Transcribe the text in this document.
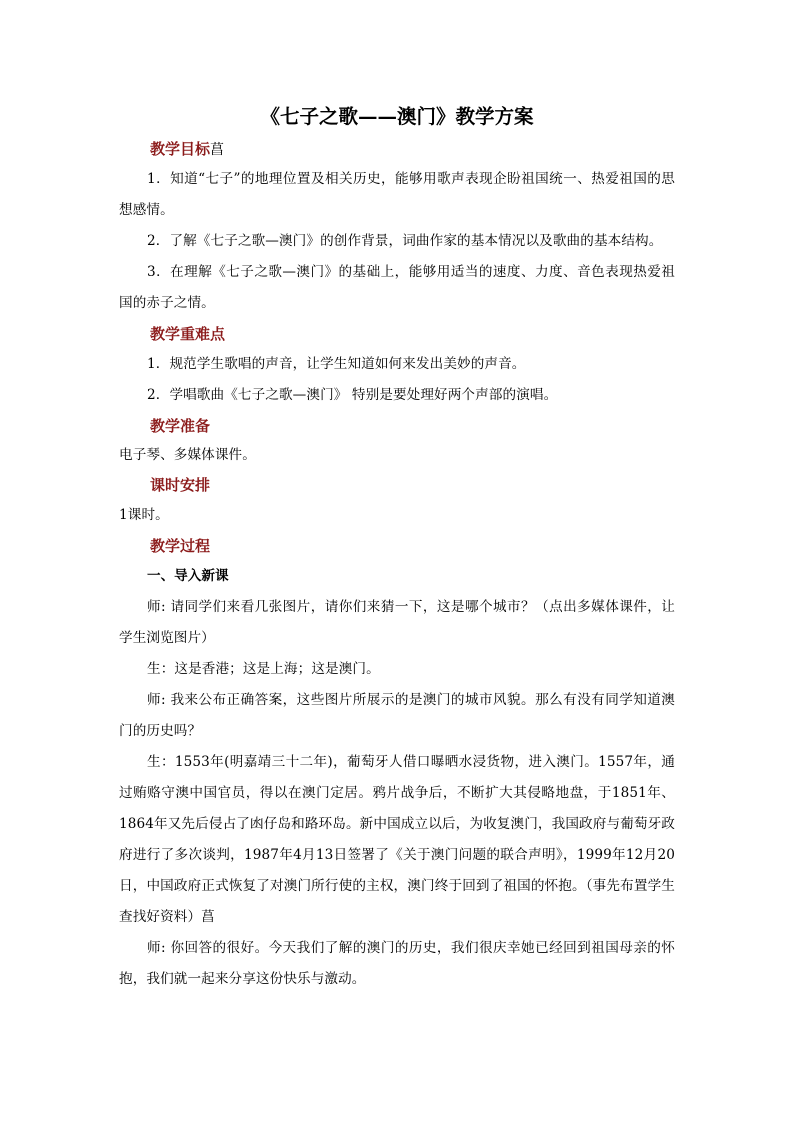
《七子之歌——澳门》教学方案
教学目标菖

1．知道“七子”的地理位置及相关历史，能够用歌声表现企盼祖国统一、热爱祖国的思想感情。

2．了解《七子之歌—澳门》的创作背景，词曲作家的基本情况以及歌曲的基本结构。

3．在理解《七子之歌—澳门》的基础上，能够用适当的速度、力度、音色表现热爱祖国的赤子之情。

教学重难点

1．规范学生歌唱的声音，让学生知道如何来发出美妙的声音。

2．学唱歌曲《七子之歌—澳门》 特别是要处理好两个声部的演唱。

教学准备

电子琴、多媒体课件。

课时安排

1课时。

教学过程

一、导入新课

师: 请同学们来看几张图片，请你们来猜一下，这是哪个城市？（点出多媒体课件，让学生浏览图片）

生：这是香港；这是上海；这是澳门。

师: 我来公布正确答案，这些图片所展示的是澳门的城市风貌。那么有没有同学知道澳门的历史吗？

生：1553年(明嘉靖三十二年)，葡萄牙人借口曝晒水浸货物，进入澳门。1557年，通过贿赂守澳中国官员，得以在澳门定居。鸦片战争后，不断扩大其侵略地盘，于1851年、1864年又先后侵占了凼仔岛和路环岛。新中国成立以后，为收复澳门，我国政府与葡萄牙政府进行了多次谈判，1987年4月13日签署了《关于澳门问题的联合声明》，1999年12月20日，中国政府正式恢复了对澳门所行使的主权，澳门终于回到了祖国的怀抱。（事先布置学生查找好资料）菖

师: 你回答的很好。今天我们了解的澳门的历史，我们很庆幸她已经回到祖国母亲的怀抱，我们就一起来分享这份快乐与激动。
